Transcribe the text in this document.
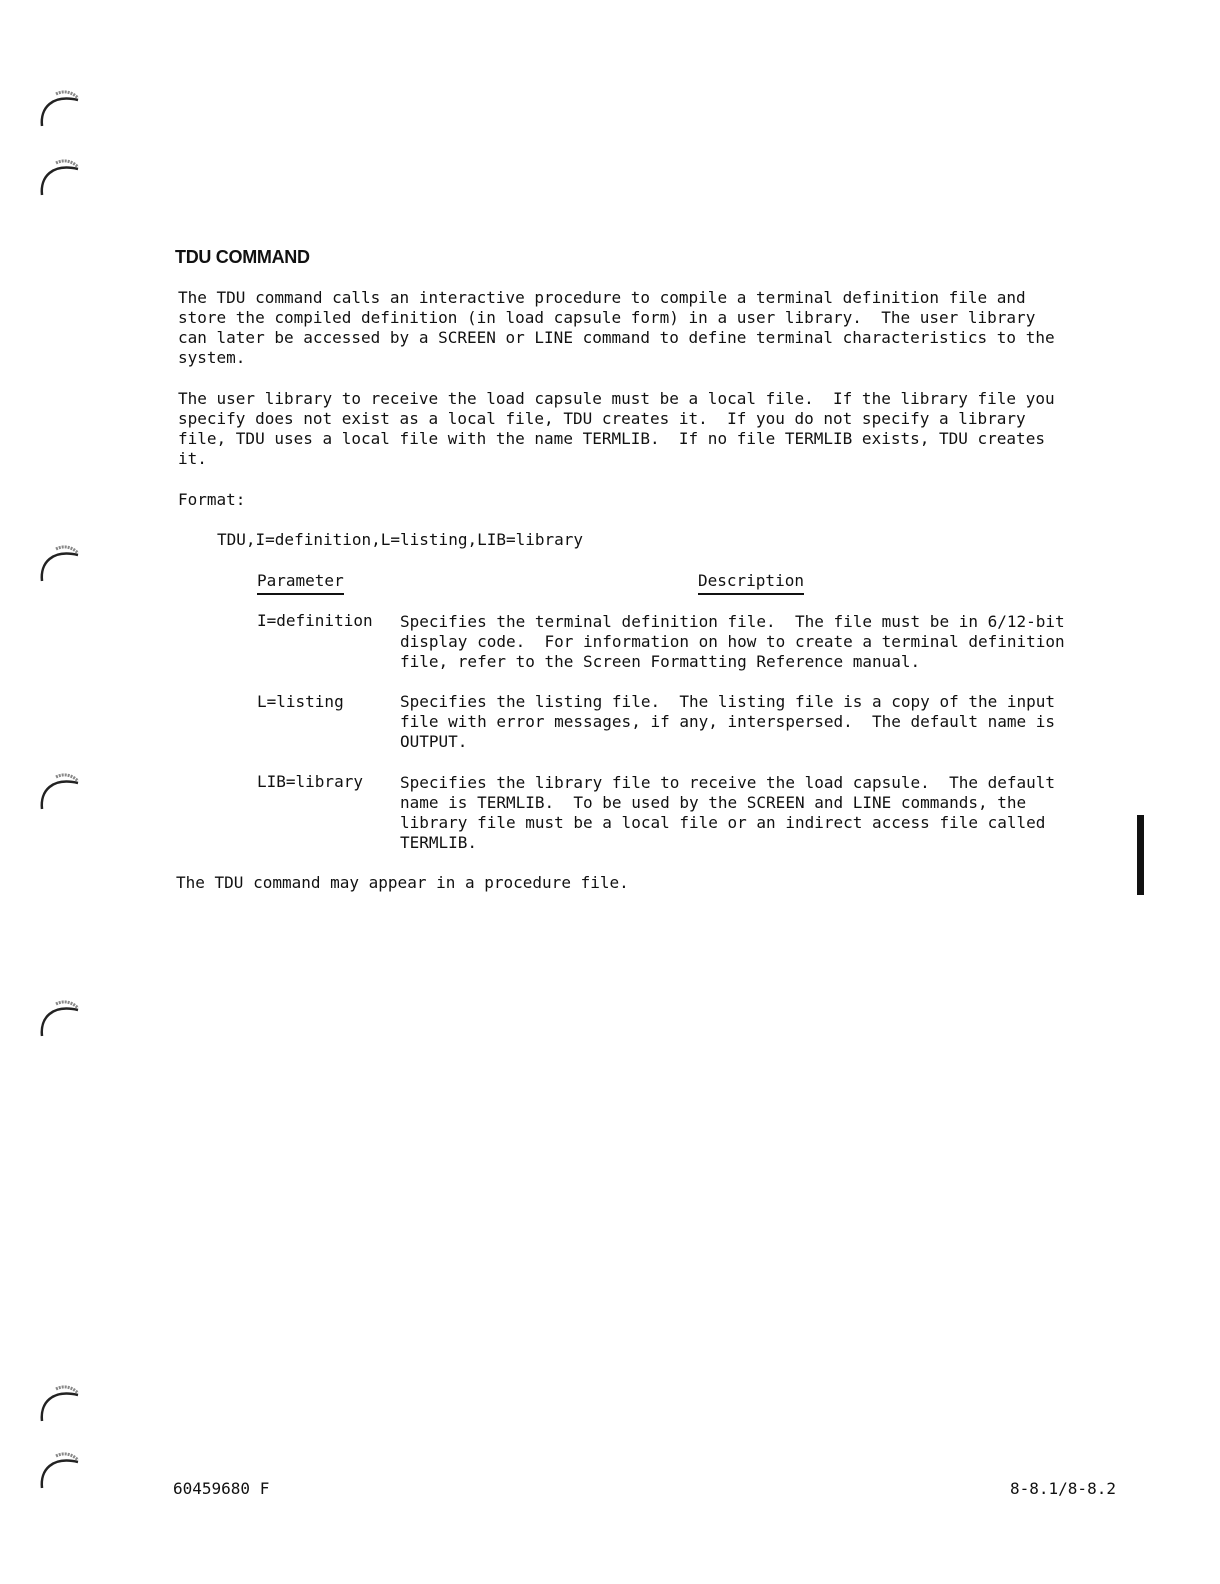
TDU COMMAND
The TDU command calls an interactive procedure to compile a terminal definition file and
store the compiled definition (in load capsule form) in a user library.  The user library
can later be accessed by a SCREEN or LINE command to define terminal characteristics to the
system.
The user library to receive the load capsule must be a local file.  If the library file you
specify does not exist as a local file, TDU creates it.  If you do not specify a library
file, TDU uses a local file with the name TERMLIB.  If no file TERMLIB exists, TDU creates
it.
Format:
TDU,I=definition,L=listing,LIB=library
Parameter	Description
I=definition Specifies the terminal definition file.  The file must be in 6/12-bit
display code.  For information on how to create a terminal definition
file, refer to the Screen Formatting Reference manual.
L=listing	Specifies the listing file.  The listing file is a copy of the input
file with error messages, if any, interspersed.  The default name is
OUTPUT.
LIB=library Specifies the library file to receive the load capsule.  The default
name is TERMLIB.  To be used by the SCREEN and LINE commands, the
library file must be a local file or an indirect access file called
TERMLIB.
The TDU command may appear in a procedure file.
60459680 F	8-8.1/8-8.2
